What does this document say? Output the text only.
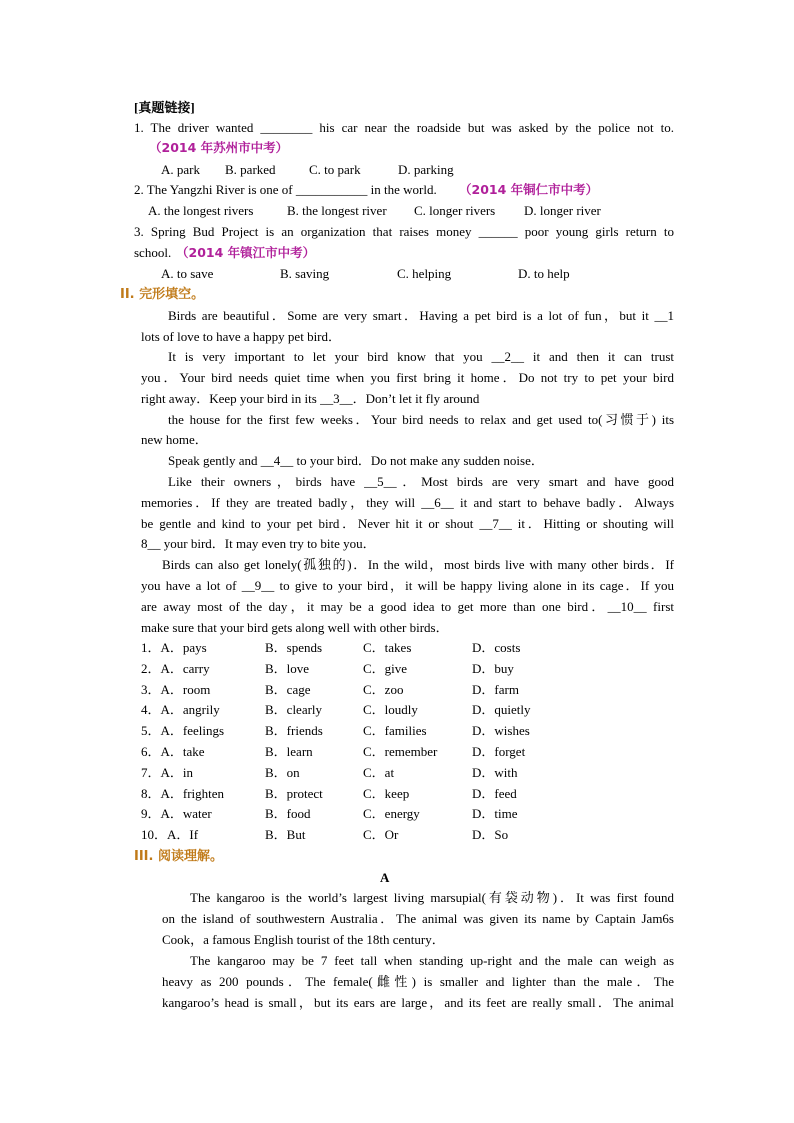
[真题链接]
1. The driver wanted ________ his car near the roadside but was asked by the police not to.
（2014 年苏州市中考）
A. park B. parked	C. to park	D. parking
2. The Yangzhi River is one of ___________ in the world. （2014 年铜仁市中考）
A. the longest rivers	B. the longest river C. longer rivers D. longer river
3. Spring Bud Project is an organization that raises money ______ poor young girls return to
school. （2014 年镇江市中考）
A. to save	B. saving	C. helping	D. to help
II. 完形填空。
Birds are beautiful．Some are very smart．Having a pet bird is a lot of fun，but it __1
lots of love to have a happy pet bird．
It is very important to let your bird know that you __2__ it and then it can trust
you．Your bird needs quiet time when you first bring it home．Do not try to pet your bird
right away．Keep your bird in its __3__．Don’t let it fly around
the house for the first few weeks．Your bird needs to relax and get used to(习惯于) its
new home．
Speak gently and __4__ to your bird．Do not make any sudden noise．
Like their owners，birds have __5__．Most birds are very smart and have good
memories．If they are treated badly，they will __6__ it and start to behave badly．Always
be gentle and kind to your pet bird．Never hit it or shout __7__ it．Hitting or shouting will
8__ your bird．It may even try to bite you．
Birds can also get lonely(孤独的)．In the wild，most birds live with many other birds．If
you have a lot of __9__ to give to your bird，it will be happy living alone in its cage．If you
are away most of the day，it may be a good idea to get more than one bird．__10__ first
make sure that your bird gets along well with other birds．
1．A．pays	B．spends	C．takes	D．costs
2．A．carry	B．love	C．give	D．buy
3．A．room	B．cage	C．zoo	D．farm
4．A．angrily	B．clearly	C．loudly	D．quietly
5．A．feelings	B．friends	C．families	D．wishes
6．A．take	B．learn	C．remember	D．forget
7．A．in	B．on	C．at	D．with
8．A．frighten	B．protect	C．keep	D．feed
9．A．water	B．food	C．energy	D．time
10．A．If	B．But	C．Or	D．So
III. 阅读理解。
A
The kangaroo is the world’s largest living marsupial(有袋动物)．It was first found
on the island of southwestern Australia．The animal was given its name by Captain Jam6s
Cook，a famous English tourist of the 18th century．
The kangaroo may be 7 feet tall when standing up-right and the male can weigh as
heavy as 200 pounds．The female(雌性) is smaller and lighter than the male．The
kangaroo’s head is small，but its ears are large，and its feet are really small．The animal
